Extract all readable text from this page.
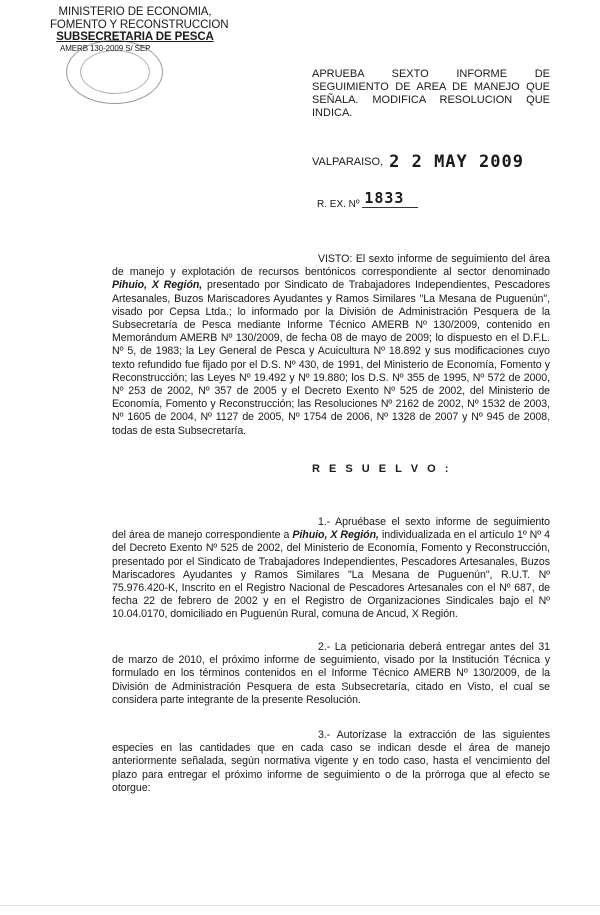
MINISTERIO DE ECONOMIA,
FOMENTO Y RECONSTRUCCION
SUBSECRETARIA DE PESCA
AMERB 130-2009 S/ SEP
APRUEBA SEXTO INFORME DE SEGUIMIENTO DE AREA DE MANEJO QUE SEÑALA. MODIFICA RESOLUCION QUE INDICA.
VALPARAISO, 2 2 MAY 2009
R. EX. Nº 1833
VISTO: El sexto informe de seguimiento del área de manejo y explotación de recursos bentónicos correspondiente al sector denominado Pihuio, X Región, presentado por Sindicato de Trabajadores Independientes, Pescadores Artesanales, Buzos Mariscadores Ayudantes y Ramos Similares "La Mesana de Puguenún", visado por Cepsa Ltda.; lo informado por la División de Administración Pesquera de la Subsecretaría de Pesca mediante Informe Técnico AMERB Nº 130/2009, contenido en Memorándum AMERB Nº 130/2009, de fecha 08 de mayo de 2009; lo dispuesto en el D.F.L. Nº 5, de 1983; la Ley General de Pesca y Acuicultura Nº 18.892 y sus modificaciones cuyo texto refundido fue fijado por el D.S. Nº 430, de 1991, del Ministerio de Economía, Fomento y Reconstrucción; las Leyes Nº 19.492 y Nº 19.880; los D.S. Nº 355 de 1995, Nº 572 de 2000, Nº 253 de 2002, Nº 357 de 2005 y el Decreto Exento Nº 525 de 2002, del Ministerio de Economía, Fomento y Reconstrucción; las Resoluciones Nº 2162 de 2002, Nº 1532 de 2003, Nº 1605 de 2004, Nº 1127 de 2005, Nº 1754 de 2006, Nº 1328 de 2007 y Nº 945 de 2008, todas de esta Subsecretaría.
R E S U E L V O :
1.- Apruébase el sexto informe de seguimiento del área de manejo correspondiente a Pihuio, X Región, individualizada en el artículo 1º Nº 4 del Decreto Exento Nº 525 de 2002, del Ministerio de Economía, Fomento y Reconstrucción, presentado por el Sindicato de Trabajadores Independientes, Pescadores Artesanales, Buzos Mariscadores Ayudantes y Ramos Similares "La Mesana de Puguenún", R.U.T. Nº 75.976.420-K, Inscrito en el Registro Nacional de Pescadores Artesanales con el Nº 687, de fecha 22 de febrero de 2002 y en el Registro de Organizaciones Sindicales bajo el Nº 10.04.0170, domiciliado en Puguenún Rural, comuna de Ancud, X Región.
2.- La peticionaria deberá entregar antes del 31 de marzo de 2010, el próximo informe de seguimiento, visado por la Institución Técnica y formulado en los términos contenidos en el Informe Técnico AMERB Nº 130/2009, de la División de Administración Pesquera de esta Subsecretaría, citado en Visto, el cual se considera parte integrante de la presente Resolución.
3.- Autorízase la extracción de las siguientes especies en las cantidades que en cada caso se indican desde el área de manejo anteriormente señalada, según normativa vigente y en todo caso, hasta el vencimiento del plazo para entregar el próximo informe de seguimiento o de la prórroga que al efecto se otorgue:
